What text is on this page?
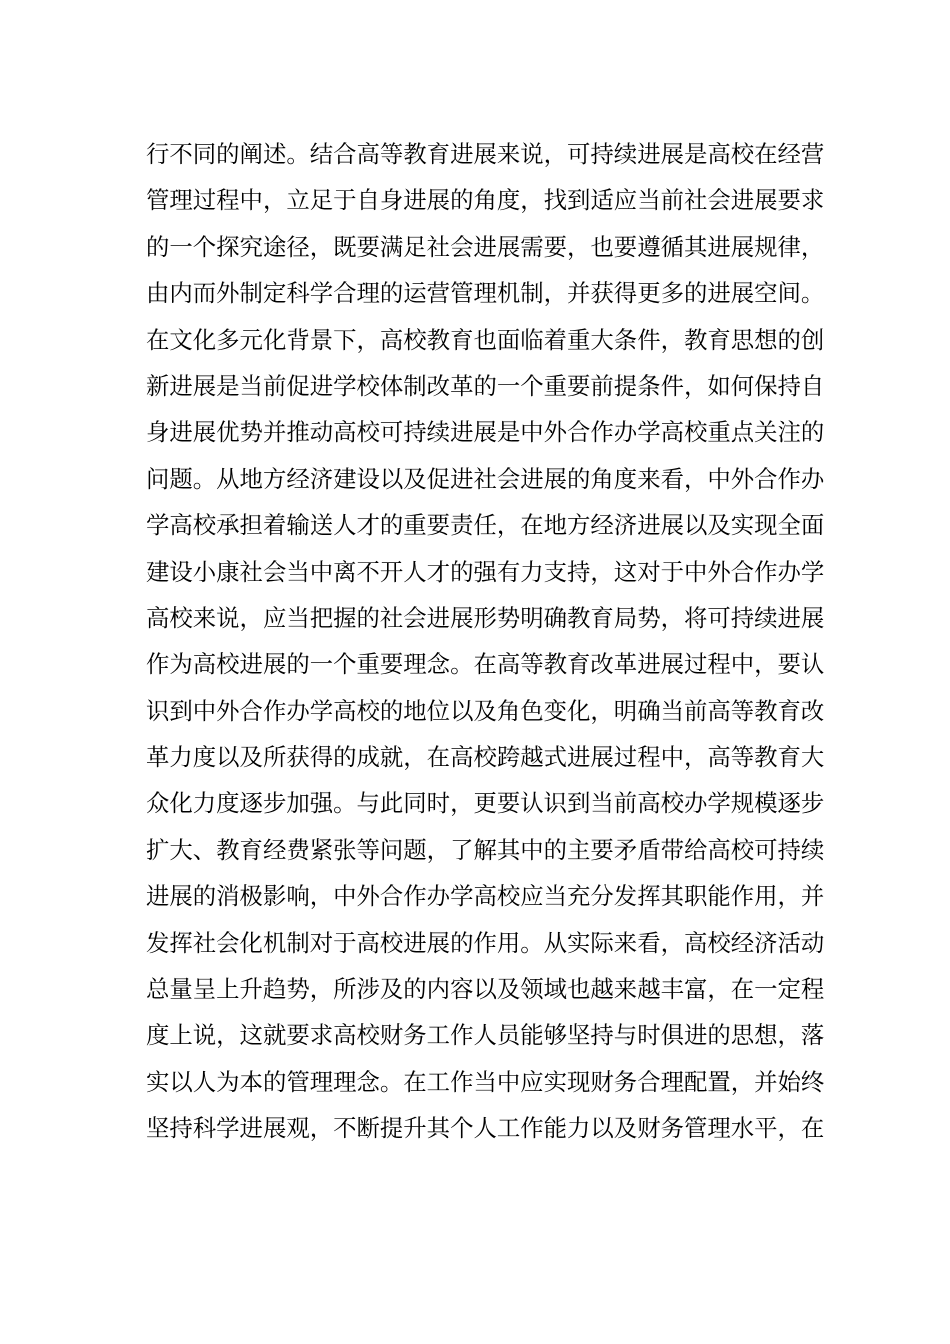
行不同的阐述。结合高等教育进展来说，可持续进展是高校在经营
管理过程中，立足于自身进展的角度，找到适应当前社会进展要求
的一个探究途径，既要满足社会进展需要，也要遵循其进展规律，
由内而外制定科学合理的运营管理机制，并获得更多的进展空间。
在文化多元化背景下，高校教育也面临着重大条件，教育思想的创
新进展是当前促进学校体制改革的一个重要前提条件，如何保持自
身进展优势并推动高校可持续进展是中外合作办学高校重点关注的
问题。从地方经济建设以及促进社会进展的角度来看，中外合作办
学高校承担着输送人才的重要责任，在地方经济进展以及实现全面
建设小康社会当中离不开人才的强有力支持，这对于中外合作办学
高校来说，应当把握的社会进展形势明确教育局势，将可持续进展
作为高校进展的一个重要理念。在高等教育改革进展过程中，要认
识到中外合作办学高校的地位以及角色变化，明确当前高等教育改
革力度以及所获得的成就，在高校跨越式进展过程中，高等教育大
众化力度逐步加强。与此同时，更要认识到当前高校办学规模逐步
扩大、教育经费紧张等问题，了解其中的主要矛盾带给高校可持续
进展的消极影响，中外合作办学高校应当充分发挥其职能作用，并
发挥社会化机制对于高校进展的作用。从实际来看，高校经济活动
总量呈上升趋势，所涉及的内容以及领域也越来越丰富，在一定程
度上说，这就要求高校财务工作人员能够坚持与时俱进的思想，落
实以人为本的管理理念。在工作当中应实现财务合理配置，并始终
坚持科学进展观，不断提升其个人工作能力以及财务管理水平，在
